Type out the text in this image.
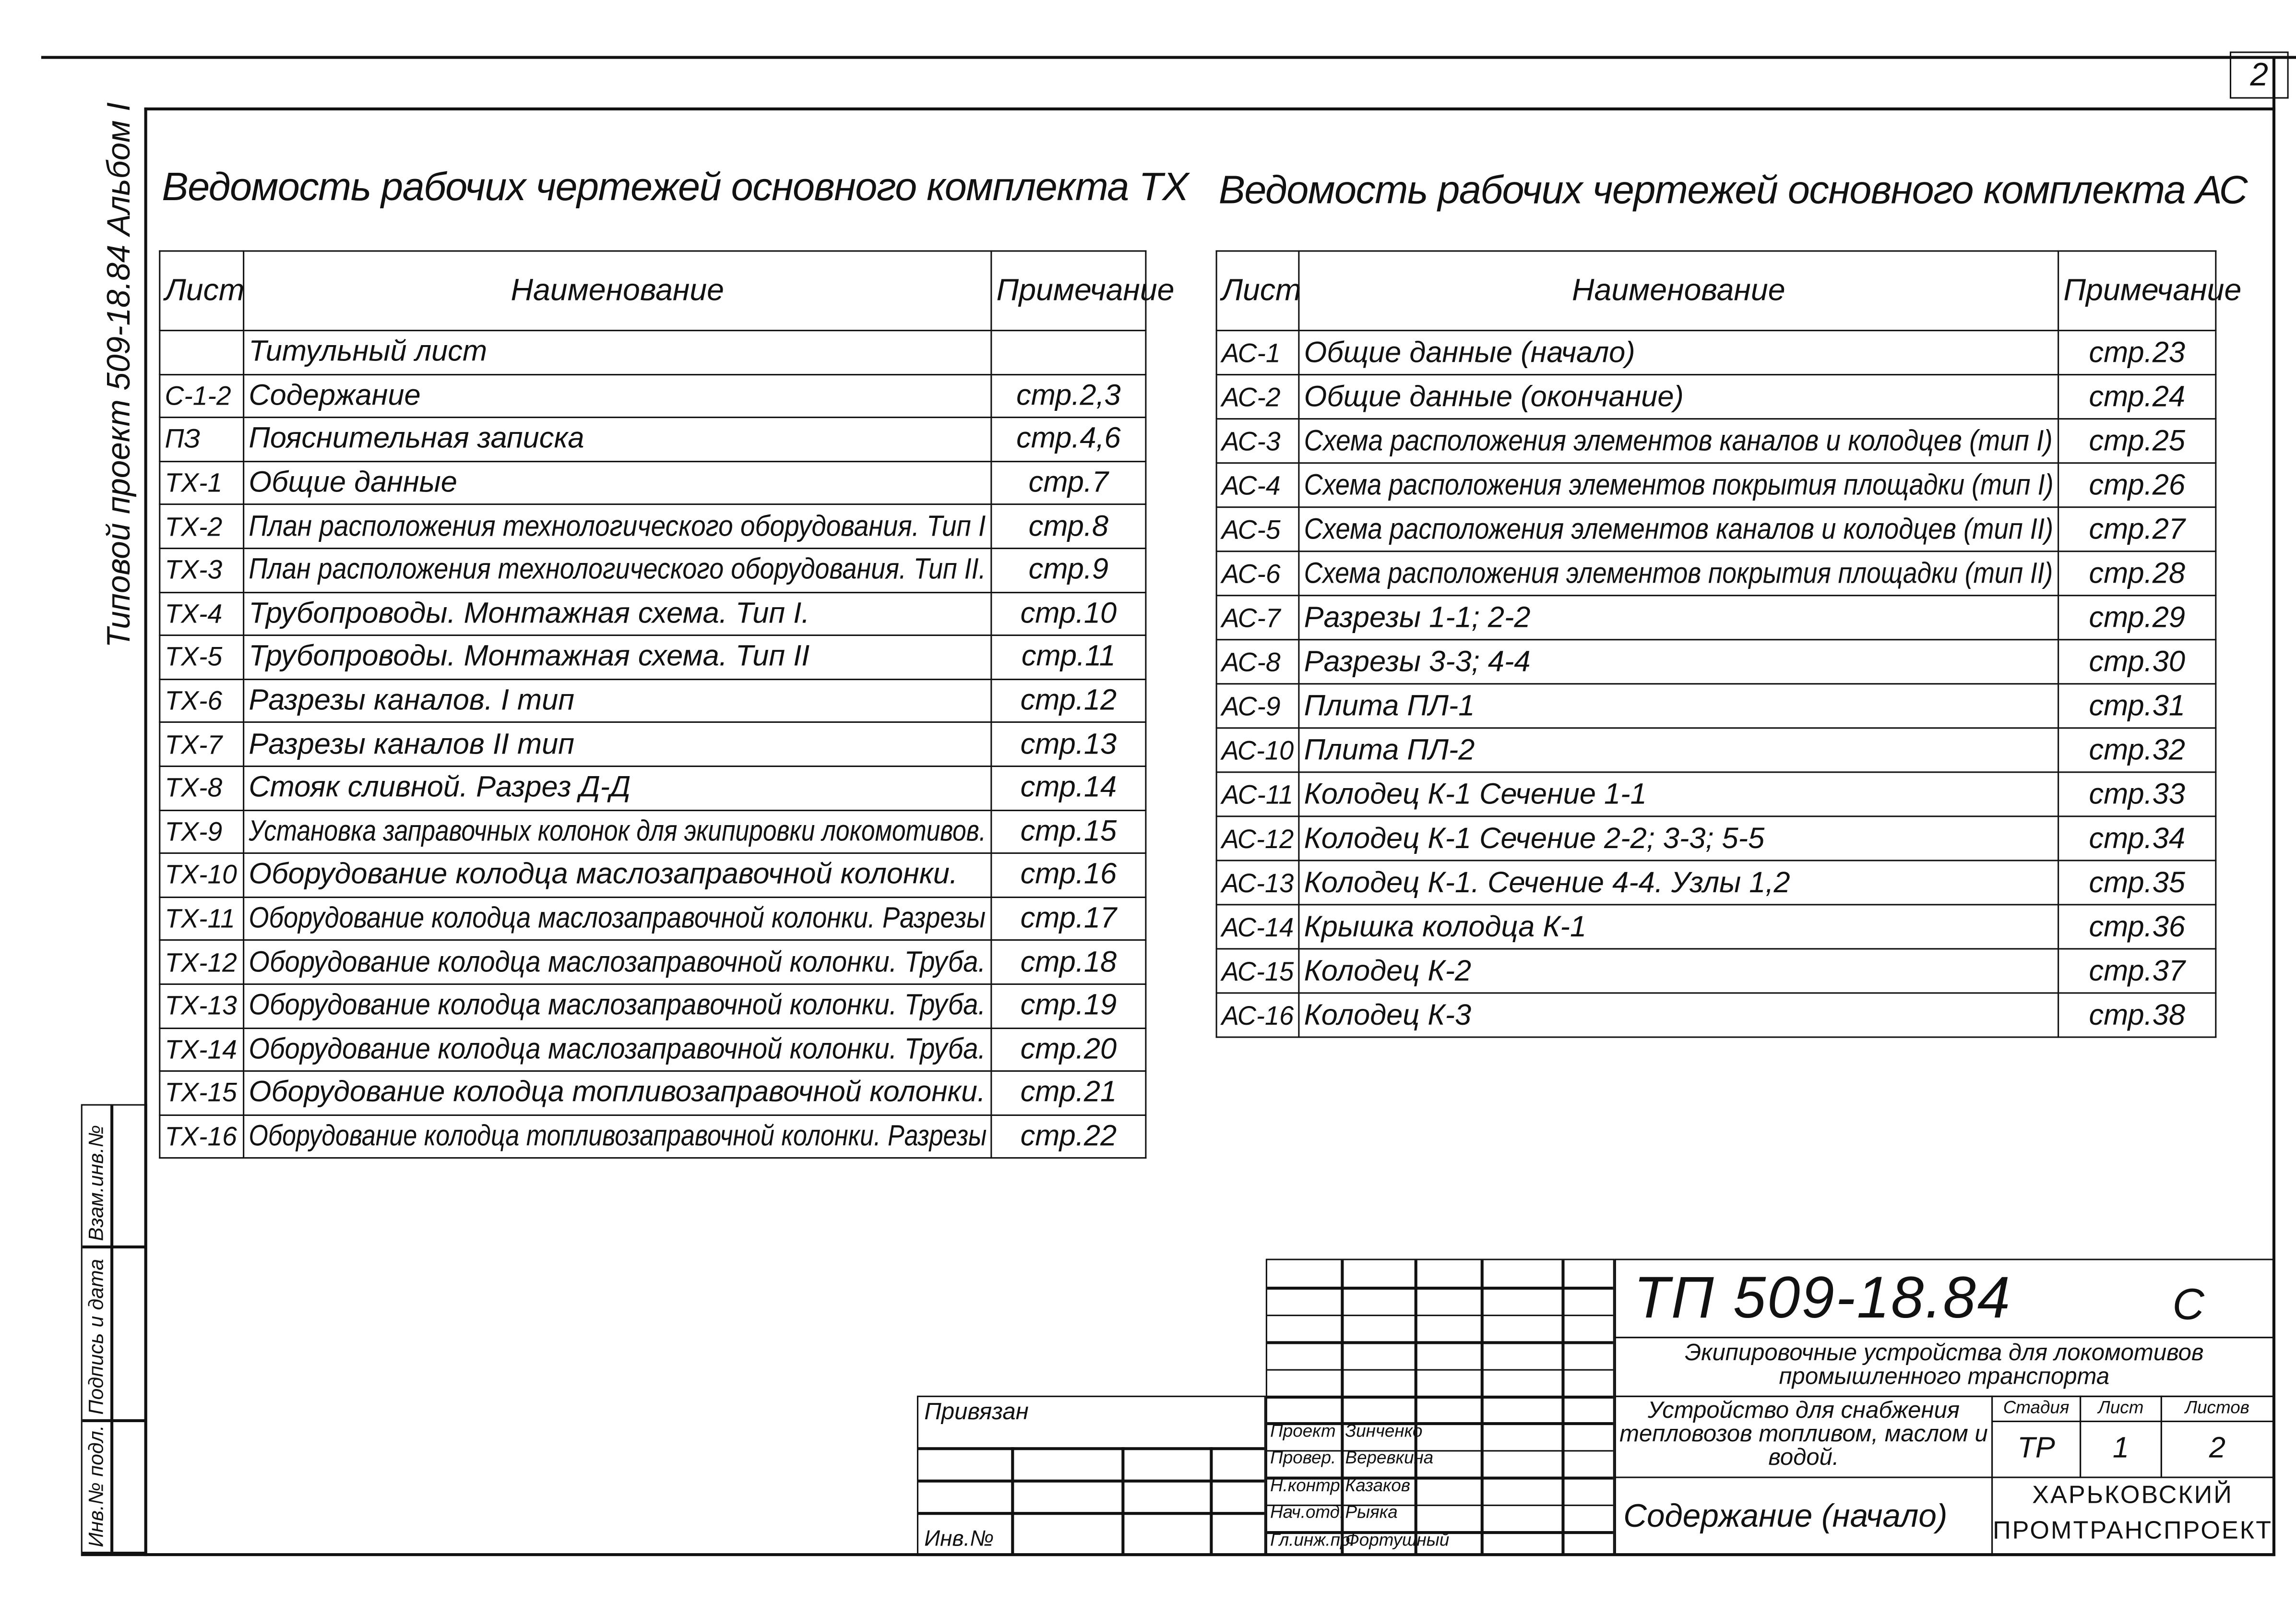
2
Типовой проект 509-18.84 Альбом I
Инв.№ подл.
Подпись и дата
Взам.инв.№
Ведомость рабочих чертежей основного комплекта ТХ
Лист	Наименование	Примечание
	Титульный лист	
С-1-2	Содержание	стр.2,3
ПЗ	Пояснительная записка	стр.4,6
ТХ-1	Общие данные	стр.7
ТХ-2	План расположения технологического оборудования. Тип I	стр.8
ТХ-3	План расположения технологического оборудования. Тип II.	стр.9
ТХ-4	Трубопроводы. Монтажная схема. Тип I.	стр.10
ТХ-5	Трубопроводы. Монтажная схема. Тип II	стр.11
ТХ-6	Разрезы каналов. I тип	стр.12
ТХ-7	Разрезы каналов II тип	стр.13
ТХ-8	Стояк сливной. Разрез Д-Д	стр.14
ТХ-9	Установка заправочных колонок для экипировки локомотивов.	стр.15
ТХ-10	Оборудование колодца маслозаправочной колонки.	стр.16
ТХ-11	Оборудование колодца маслозаправочной колонки. Разрезы	стр.17
ТХ-12	Оборудование колодца маслозаправочной колонки. Труба.	стр.18
ТХ-13	Оборудование колодца маслозаправочной колонки. Труба.	стр.19
ТХ-14	Оборудование колодца маслозаправочной колонки. Труба.	стр.20
ТХ-15	Оборудование колодца топливозаправочной колонки.	стр.21
ТХ-16	Оборудование колодца топливозаправочной колонки. Разрезы	стр.22
Ведомость рабочих чертежей основного комплекта АС
Лист	Наименование	Примечание
АС-1	Общие данные (начало)	стр.23
АС-2	Общие данные (окончание)	стр.24
АС-3	Схема расположения элементов каналов и колодцев (тип I)	стр.25
АС-4	Схема расположения элементов покрытия площадки (тип I)	стр.26
АС-5	Схема расположения элементов каналов и колодцев (тип II)	стр.27
АС-6	Схема расположения элементов покрытия площадки (тип II)	стр.28
АС-7	Разрезы 1-1; 2-2	стр.29
АС-8	Разрезы 3-3; 4-4	стр.30
АС-9	Плита ПЛ-1	стр.31
АС-10	Плита ПЛ-2	стр.32
АС-11	Колодец К-1 Сечение 1-1	стр.33
АС-12	Колодец К-1 Сечение 2-2; 3-3; 5-5	стр.34
АС-13	Колодец К-1. Сечение 4-4. Узлы 1,2	стр.35
АС-14	Крышка колодца К-1	стр.36
АС-15	Колодец К-2	стр.37
АС-16	Колодец К-3	стр.38
Проект Зинченко
Провер. Веревкина
Н.контр. Казаков
Нач.отд. Рыяка
Гл.инж.пр.
Фортушный
Привязан
Инв.№
ТП 509-18.84	С
Экипировочные устройства для локомотивов промышленного транспорта
Устройство для снабжения тепловозов топливом, маслом и водой.
Стадия	Лист	Листов
ТР	1	2
Содержание (начало)
ХАРЬКОВСКИЙ ПРОМТРАНСПРОЕКТ
